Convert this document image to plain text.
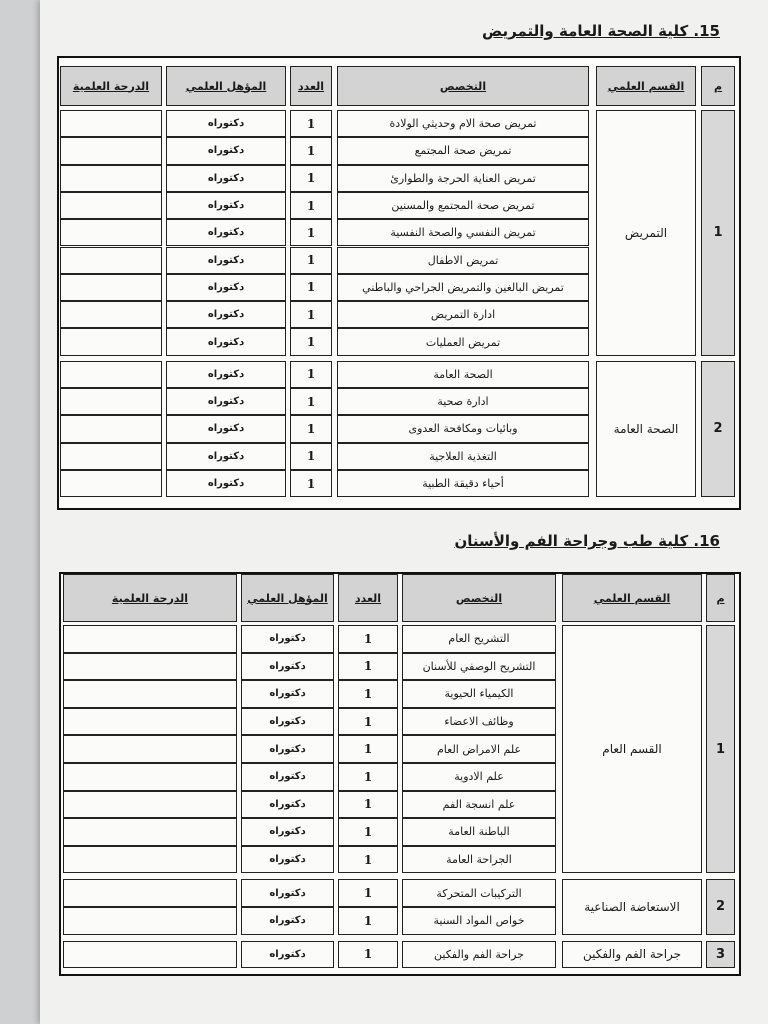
15. كلية الصحة العامة والتمريض
م
القسم العلمي
التخصص
العدد
المؤهل العلمي
الدرجة العلمية
1
التمريض
تمريض صحة الام وحديثي الولادة
1
دكتوراه
تمريض صحة المجتمع
1
دكتوراه
تمريض العناية الحرجة والطوارئ
1
دكتوراه
تمريض صحة المجتمع والمسنين
1
دكتوراه
تمريض النفسي والصحة النفسية
1
دكتوراه
تمريض الاطفال
1
دكتوراه
تمريض البالغين والتمريض الجراحي والباطني
1
دكتوراه
ادارة التمريض
1
دكتوراه
تمريض العمليات
1
دكتوراه
2
الصحة العامة
الصحة العامة
1
دكتوراه
ادارة صحية
1
دكتوراه
وبائيات ومكافحة العدوى
1
دكتوراه
التغذية العلاجية
1
دكتوراه
أحياء دقيقة الطبية
1
دكتوراه
16. كلية طب وجراحة الفم والأسنان
م
القسم العلمي
التخصص
العدد
المؤهل العلمي
الدرجة العلمية
1
القسم العام
التشريح العام
1
دكتوراه
التشريح الوصفي للأسنان
1
دكتوراه
الكيمياء الحيوية
1
دكتوراه
وظائف الاعضاء
1
دكتوراه
علم الامراض العام
1
دكتوراه
علم الادوية
1
دكتوراه
علم انسجة الفم
1
دكتوراه
الباطنة العامة
1
دكتوراه
الجراحة العامة
1
دكتوراه
2
الاستعاضة الصناعية
التركيبات المتحركة
1
دكتوراه
خواص المواد السنية
1
دكتوراه
3
جراحة الفم والفكين
جراحة الفم والفكين
1
دكتوراه
